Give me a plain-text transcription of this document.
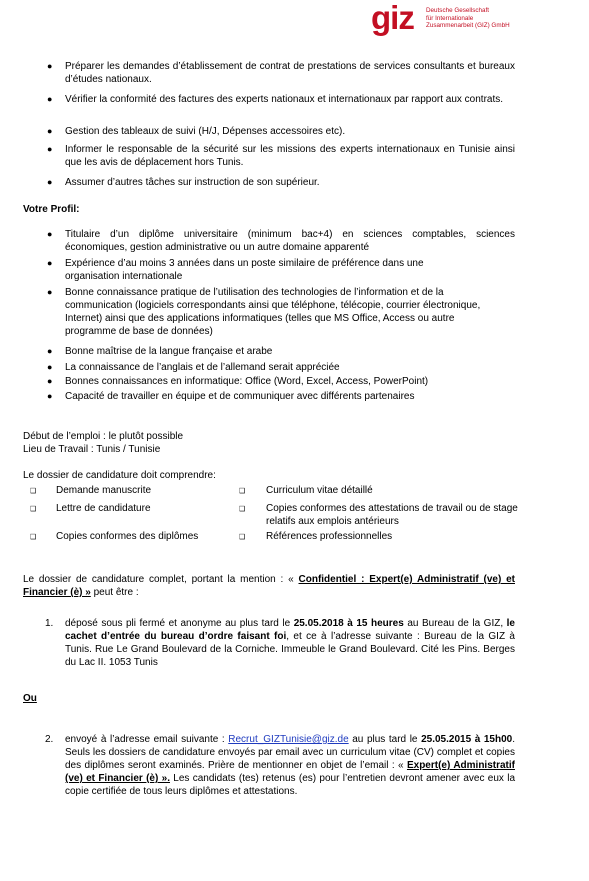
giz Deutsche Gesellschaft
für Internationale
Zusammenarbeit (GIZ) GmbH
● Préparer les demandes d’établissement de contrat de prestations de services consultants et bureaux d’études nationaux.
● Vérifier la conformité des factures des experts nationaux et internationaux par rapport aux contrats.
● Gestion des tableaux de suivi (H/J, Dépenses accessoires etc).
● Informer le responsable de la sécurité sur les missions des experts internationaux en Tunisie ainsi que les avis de déplacement hors Tunis.
● Assumer d’autres tâches sur instruction de son supérieur.
Votre Profil:
● Titulaire d’un diplôme universitaire (minimum bac+4) en sciences comptables, sciences économiques, gestion administrative ou un autre domaine apparenté
● Expérience d’au moins 3 années dans un poste similaire de préférence dans une organisation internationale
● Bonne connaissance pratique de l’utilisation des technologies de l’information et de la communication (logiciels correspondants ainsi que téléphone, télécopie, courrier électronique, Internet) ainsi que des applications informatiques (telles que MS Office, Access ou autre programme de base de données)
● Bonne maîtrise de la langue française et arabe
● La connaissance de l’anglais et de l’allemand serait appréciée
● Bonnes connaissances en informatique: Office (Word, Excel, Access, PowerPoint)
● Capacité de travailler en équipe et de communiquer avec différents partenaires
Début de l’emploi : le plutôt possible
Lieu de Travail : Tunis / Tunisie
Le dossier de candidature doit comprendre:
❑ Demande manuscrite
❑ Lettre de candidature
❑ Copies conformes des diplômes
❑ Curriculum vitae détaillé
❑ Copies conformes des attestations de travail ou de stage relatifs aux emplois antérieurs
❑ Références professionnelles
Le dossier de candidature complet, portant la mention : « Confidentiel : Expert(e) Administratif (ve) et Financier (è) » peut être :
1. déposé sous pli fermé et anonyme au plus tard le 25.05.2018 à 15 heures au Bureau de la GIZ, le cachet d’entrée du bureau d’ordre faisant foi, et ce à l’adresse suivante : Bureau de la GIZ à Tunis. Rue Le Grand Boulevard de la Corniche. Immeuble le Grand Boulevard. Cité les Pins. Berges du Lac II. 1053 Tunis
Ou
2. envoyé à l’adresse email suivante : Recrut_GIZTunisie@giz.de au plus tard le 25.05.2015 à 15h00. Seuls les dossiers de candidature envoyés par email avec un curriculum vitae (CV) complet et copies des diplômes seront examinés. Prière de mentionner en objet de l’email : « Expert(e) Administratif (ve) et Financier (è) ». Les candidats (tes) retenus (es) pour l’entretien devront amener avec eux la copie certifiée de tous leurs diplômes et attestations.
